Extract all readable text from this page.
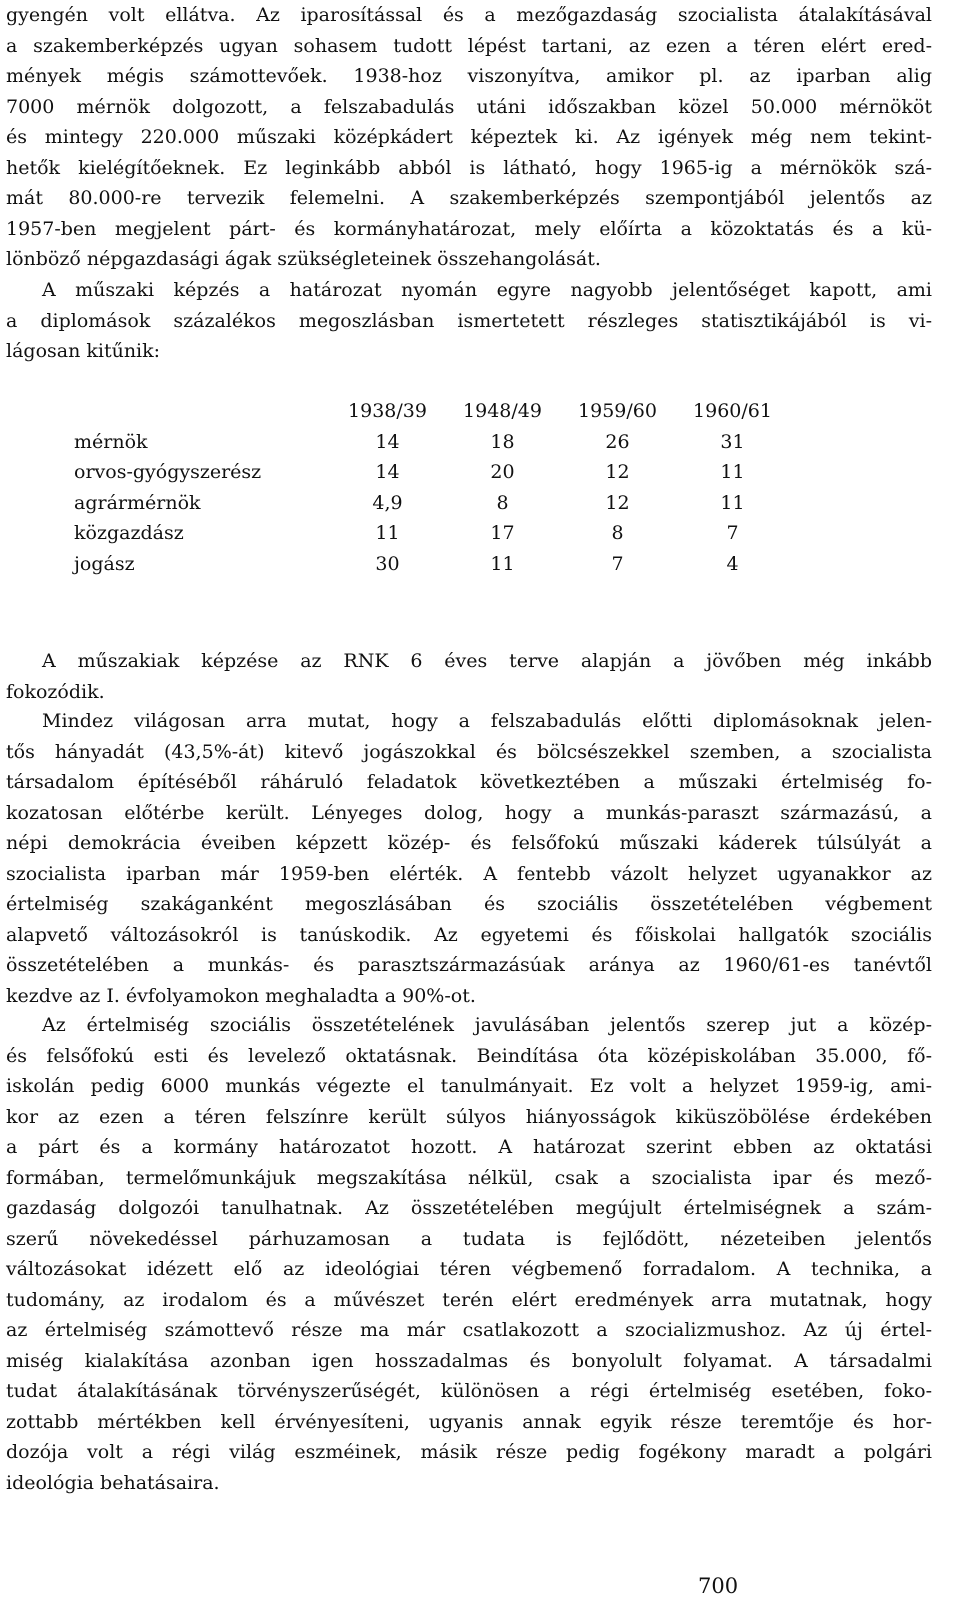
gyengén volt ellátva. Az iparosítással és a mezőgazdaság szocialista átalakításával
a szakemberképzés ugyan sohasem tudott lépést tartani, az ezen a téren elért ered-
mények mégis számottevőek. 1938-hoz viszonyítva, amikor pl. az iparban alig
7000 mérnök dolgozott, a felszabadulás utáni időszakban közel 50.000 mérnököt
és mintegy 220.000 műszaki középkádert képeztek ki. Az igények még nem tekint-
hetők kielégítőeknek. Ez leginkább abból is látható, hogy 1965-ig a mérnökök szá-
mát 80.000-re tervezik felemelni. A szakemberképzés szempontjából jelentős az
1957-ben megjelent párt- és kormányhatározat, mely előírta a közoktatás és a kü-
lönböző népgazdasági ágak szükségleteinek összehangolását.
A műszaki képzés a határozat nyomán egyre nagyobb jelentőséget kapott, ami
a diplomások százalékos megoszlásban ismertetett részleges statisztikájából is vi-
lágosan kitűnik:
A műszakiak képzése az RNK 6 éves terve alapján a jövőben még inkább
fokozódik.
Mindez világosan arra mutat, hogy a felszabadulás előtti diplomásoknak jelen-
tős hányadát (43,5%-át) kitevő jogászokkal és bölcsészekkel szemben, a szocialista
társadalom építéséből ráháruló feladatok következtében a műszaki értelmiség fo-
kozatosan előtérbe került. Lényeges dolog, hogy a munkás-paraszt származású, a
népi demokrácia éveiben képzett közép- és felsőfokú műszaki káderek túlsúlyát a
szocialista iparban már 1959-ben elérték. A fentebb vázolt helyzet ugyanakkor az
értelmiség szakáganként megoszlásában és szociális összetételében végbement
alapvető változásokról is tanúskodik. Az egyetemi és főiskolai hallgatók szociális
összetételében a munkás- és parasztszármazásúak aránya az 1960/61-es tanévtől
kezdve az I. évfolyamokon meghaladta a 90%-ot.
Az értelmiség szociális összetételének javulásában jelentős szerep jut a közép-
és felsőfokú esti és levelező oktatásnak. Beindítása óta középiskolában 35.000, fő-
iskolán pedig 6000 munkás végezte el tanulmányait. Ez volt a helyzet 1959-ig, ami-
kor az ezen a téren felszínre került súlyos hiányosságok kiküszöbölése érdekében
a párt és a kormány határozatot hozott. A határozat szerint ebben az oktatási
formában, termelőmunkájuk megszakítása nélkül, csak a szocialista ipar és mező-
gazdaság dolgozói tanulhatnak. Az összetételében megújult értelmiségnek a szám-
szerű növekedéssel párhuzamosan a tudata is fejlődött, nézeteiben jelentős
változásokat idézett elő az ideológiai téren végbemenő forradalom. A technika, a
tudomány, az irodalom és a művészet terén elért eredmények arra mutatnak, hogy
az értelmiség számottevő része ma már csatlakozott a szocializmushoz. Az új értel-
miség kialakítása azonban igen hosszadalmas és bonyolult folyamat. A társadalmi
tudat átalakításának törvényszerűségét, különösen a régi értelmiség esetében, foko-
zottabb mértékben kell érvényesíteni, ugyanis annak egyik része teremtője és hor-
dozója volt a régi világ eszméinek, másik része pedig fogékony maradt a polgári
ideológia behatásaira.
	1938/39	1948/49	1959/60	1960/61
mérnök	14	18	26	31
orvos-gyógyszerész	14	20	12	11
agrármérnök	4,9	8	12	11
közgazdász	11	17	8	7
jogász	30	11	7	4
700
